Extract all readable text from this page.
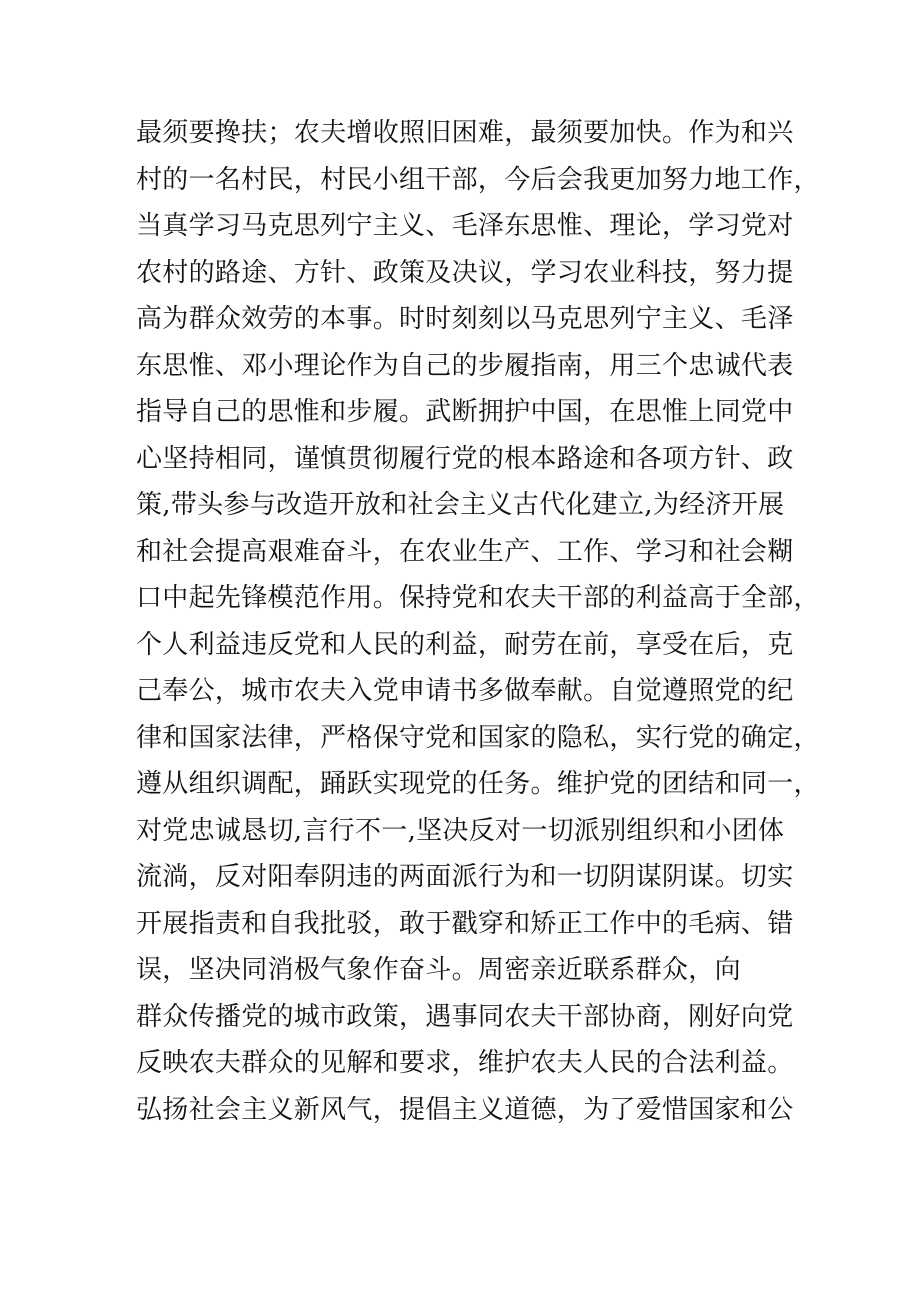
最须要搀扶；农夫增收照旧困难，最须要加快。作为和兴
村的一名村民，村民小组干部，今后会我更加努力地工作，
当真学习马克思列宁主义、毛泽东思惟、理论，学习党对
农村的路途、方针、政策及决议，学习农业科技，努力提
高为群众效劳的本事。时时刻刻以马克思列宁主义、毛泽
东思惟、邓小理论作为自己的步履指南，用三个忠诚代表
指导自己的思惟和步履。武断拥护中国，在思惟上同党中
心坚持相同，谨慎贯彻履行党的根本路途和各项方针、政
策,带头参与改造开放和社会主义古代化建立,为经济开展
和社会提高艰难奋斗，在农业生产、工作、学习和社会糊
口中起先锋模范作用。保持党和农夫干部的利益高于全部，
个人利益违反党和人民的利益，耐劳在前，享受在后，克
己奉公，城市农夫入党申请书多做奉献。自觉遵照党的纪
律和国家法律，严格保守党和国家的隐私，实行党的确定，
遵从组织调配，踊跃实现党的任务。维护党的团结和同一，
对党忠诚恳切,言行不一,坚决反对一切派别组织和小团体
流淌，反对阳奉阴违的两面派行为和一切阴谋阴谋。切实
开展指责和自我批驳，敢于戳穿和矫正工作中的毛病、错
误，坚决同消极气象作奋斗。周密亲近联系群众，向
群众传播党的城市政策，遇事同农夫干部协商，刚好向党
反映农夫群众的见解和要求，维护农夫人民的合法利益。
弘扬社会主义新风气，提倡主义道德，为了爱惜国家和公
